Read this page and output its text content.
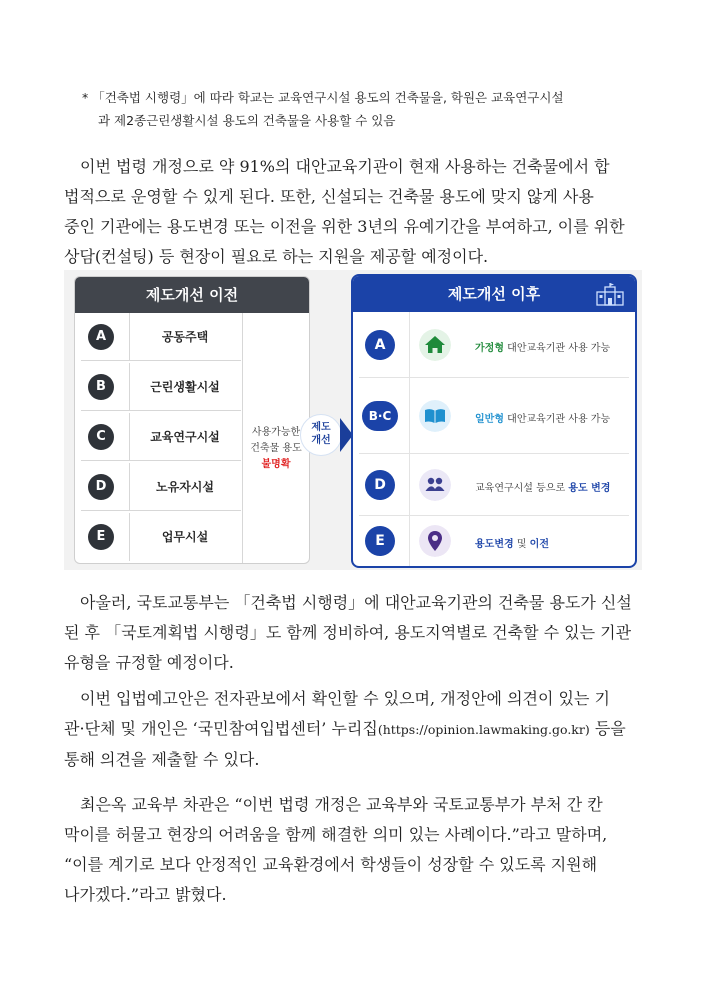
* 「건축법 시행령」에 따라 학교는 교육연구시설 용도의 건축물을, 학원은 교육연구시설
과 제2종근린생활시설 용도의 건축물을 사용할 수 있음
이번 법령 개정으로 약 91%의 대안교육기관이 현재 사용하는 건축물에서 합
법적으로 운영할 수 있게 된다. 또한, 신설되는 건축물 용도에 맞지 않게 사용
중인 기관에는 용도변경 또는 이전을 위한 3년의 유예기간을 부여하고, 이를 위한
상담(컨설팅) 등 현장이 필요로 하는 지원을 제공할 예정이다.
제도개선 이전
A	공동주택
B	근린생활시설
C	교육연구시설
D	노유자시설
E	업무시설
사용가능한
건축물 용도
불명확
제도
개선
제도개선 이후
A	가정형 대안교육기관 사용 가능
B·C	일반형 대안교육기관 사용 가능
D	교육연구시설 등으로 용도 변경
E	용도변경 및 이전
아울러, 국토교통부는 「건축법 시행령」에 대안교육기관의 건축물 용도가 신설
된 후 「국토계획법 시행령」도 함께 정비하여, 용도지역별로 건축할 수 있는 기관
유형을 규정할 예정이다.
이번 입법예고안은 전자관보에서 확인할 수 있으며, 개정안에 의견이 있는 기
관·단체 및 개인은 ‘국민참여입법센터’ 누리집(https://opinion.lawmaking.go.kr) 등을
통해 의견을 제출할 수 있다.
최은옥 교육부 차관은 “이번 법령 개정은 교육부와 국토교통부가 부처 간 칸
막이를 허물고 현장의 어려움을 함께 해결한 의미 있는 사례이다.”라고 말하며,
“이를 계기로 보다 안정적인 교육환경에서 학생들이 성장할 수 있도록 지원해
나가겠다.”라고 밝혔다.
